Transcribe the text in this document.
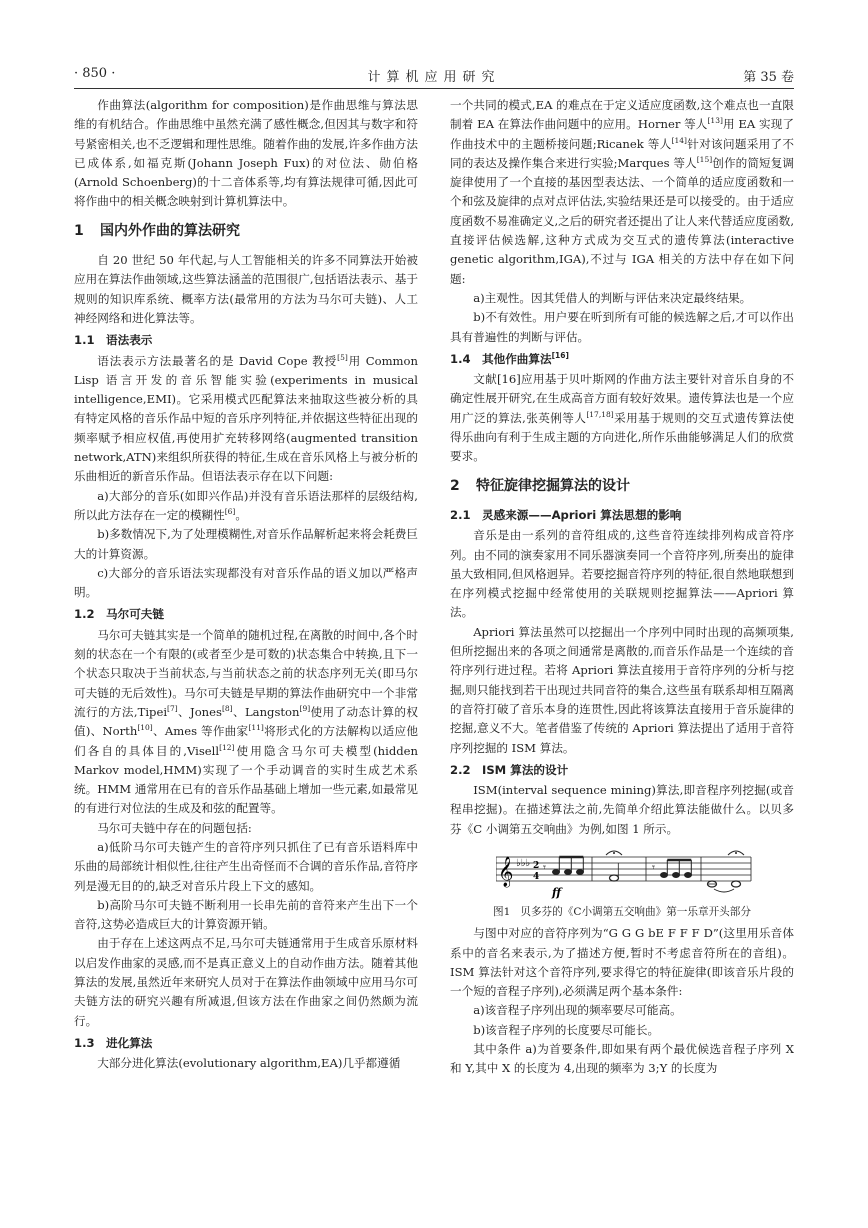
· 850 ·	计算机应用研究	第 35 卷

作曲算法(algorithm for composition)是作曲思维与算法思维的有机结合。作曲思维中虽然充满了感性概念,但因其与数字和符号紧密相关,也不乏逻辑和理性思维。随着作曲的发展,许多作曲方法已成体系,如福克斯(Johann Joseph Fux)的对位法、勋伯格(Arnold Schoenberg)的十二音体系等,均有算法规律可循,因此可将作曲中的相关概念映射到计算机算法中。

1 国内外作曲的算法研究

自 20 世纪 50 年代起,与人工智能相关的许多不同算法开始被应用在算法作曲领域,这些算法涵盖的范围很广,包括语法表示、基于规则的知识库系统、概率方法(最常用的方法为马尔可夫链)、人工神经网络和进化算法等。

1.1 语法表示

语法表示方法最著名的是 David Cope 教授[5]用 Common Lisp 语言开发的音乐智能实验(experiments in musical intelligence,EMI)。它采用模式匹配算法来抽取这些被分析的具有特定风格的音乐作品中短的音乐序列特征,并依据这些特征出现的频率赋予相应权值,再使用扩充转移网络(augmented transition network,ATN)来组织所获得的特征,生成在音乐风格上与被分析的乐曲相近的新音乐作品。但语法表示存在以下问题:

a)大部分的音乐(如即兴作品)并没有音乐语法那样的层级结构,所以此方法存在一定的模糊性[6]。

b)多数情况下,为了处理模糊性,对音乐作品解析起来将会耗费巨大的计算资源。

c)大部分的音乐语法实现都没有对音乐作品的语义加以严格声明。

1.2 马尔可夫链

马尔可夫链其实是一个简单的随机过程,在离散的时间中,各个时刻的状态在一个有限的(或者至少是可数的)状态集合中转换,且下一个状态只取决于当前状态,与当前状态之前的状态序列无关(即马尔可夫链的无后效性)。马尔可夫链是早期的算法作曲研究中一个非常流行的方法,Tipei[7]、Jones[8]、Langston[9]使用了动态计算的权值)、North[10]、Ames 等作曲家[11]将形式化的方法解构以适应他们各自的具体目的,Visell[12]使用隐含马尔可夫模型(hidden Markov model,HMM)实现了一个手动调音的实时生成艺术系统。HMM 通常用在已有的音乐作品基础上增加一些元素,如最常见的有进行对位法的生成及和弦的配置等。

马尔可夫链中存在的问题包括:

a)低阶马尔可夫链产生的音符序列只抓住了已有音乐语料库中乐曲的局部统计相似性,往往产生出奇怪而不合调的音乐作品,音符序列是漫无目的的,缺乏对音乐片段上下文的感知。

b)高阶马尔可夫链不断利用一长串先前的音符来产生出下一个音符,这势必造成巨大的计算资源开销。

由于存在上述这两点不足,马尔可夫链通常用于生成音乐原材料以启发作曲家的灵感,而不是真正意义上的自动作曲方法。随着其他算法的发展,虽然近年来研究人员对于在算法作曲领域中应用马尔可夫链方法的研究兴趣有所减退,但该方法在作曲家之间仍然颇为流行。

1.3 进化算法

大部分进化算法(evolutionary algorithm,EA)几乎都遵循

一个共同的模式,EA 的难点在于定义适应度函数,这个难点也一直限制着 EA 在算法作曲问题中的应用。Horner 等人[13]用 EA 实现了作曲技术中的主题桥接问题;Ricanek 等人[14]针对该问题采用了不同的表达及操作集合来进行实验;Marques 等人[15]创作的简短复调旋律使用了一个直接的基因型表达法、一个简单的适应度函数和一个和弦及旋律的点对点评估法,实验结果还是可以接受的。由于适应度函数不易准确定义,之后的研究者还提出了让人来代替适应度函数,直接评估候选解,这种方式成为交互式的遗传算法(interactive genetic algorithm,IGA),不过与 IGA 相关的方法中存在如下问题:

a)主观性。因其凭借人的判断与评估来决定最终结果。

b)不有效性。用户要在听到所有可能的候选解之后,才可以作出具有普遍性的判断与评估。

1.4 其他作曲算法[16]

文献[16]应用基于贝叶斯网的作曲方法主要针对音乐自身的不确定性展开研究,在生成高音方面有较好效果。遗传算法也是一个应用广泛的算法,张英俐等人[17,18]采用基于规则的交互式遗传算法使得乐曲向有利于生成主题的方向进化,所作乐曲能够满足人们的欣赏要求。

2 特征旋律挖掘算法的设计
2.1 灵感来源——Apriori 算法思想的影响

音乐是由一系列的音符组成的,这些音符连续排列构成音符序列。由不同的演奏家用不同乐器演奏同一个音符序列,所奏出的旋律虽大致相同,但风格迥异。若要挖掘音符序列的特征,很自然地联想到在序列模式挖掘中经常使用的关联规则挖掘算法——Apriori 算法。

Apriori 算法虽然可以挖掘出一个序列中同时出现的高频项集,但所挖掘出来的各项之间通常是离散的,而音乐作品是一个连续的音符序列行进过程。若将 Apriori 算法直接用于音符序列的分析与挖掘,则只能找到若干出现过共同音符的集合,这些虽有联系却相互隔离的音符打破了音乐本身的连贯性,因此将该算法直接用于音乐旋律的挖掘,意义不大。笔者借鉴了传统的 Apriori 算法提出了适用于音符序列挖掘的 ISM 算法。

2.2 ISM 算法的设计

ISM(interval sequence mining)算法,即音程序列挖掘(或音程串挖掘)。在描述算法之前,先简单介绍此算法能做什么。以贝多芬《C 小调第五交响曲》为例,如图 1 所示。

𝄞 ♭♭♭ 2
4
𝄾	𝄾
ff

图1 贝多芬的《C小调第五交响曲》第一乐章开头部分

与图中对应的音符序列为“G G G bE F F F D”(这里用乐音体系中的音名来表示,为了描述方便,暂时不考虑音符所在的音组)。ISM 算法针对这个音符序列,要求得它的特征旋律(即该音乐片段的一个短的音程子序列),必须满足两个基本条件:

a)该音程子序列出现的频率要尽可能高。

b)该音程子序列的长度要尽可能长。

其中条件 a)为首要条件,即如果有两个最优候选音程子序列 X 和 Y,其中 X 的长度为 4,出现的频率为 3;Y 的长度为
